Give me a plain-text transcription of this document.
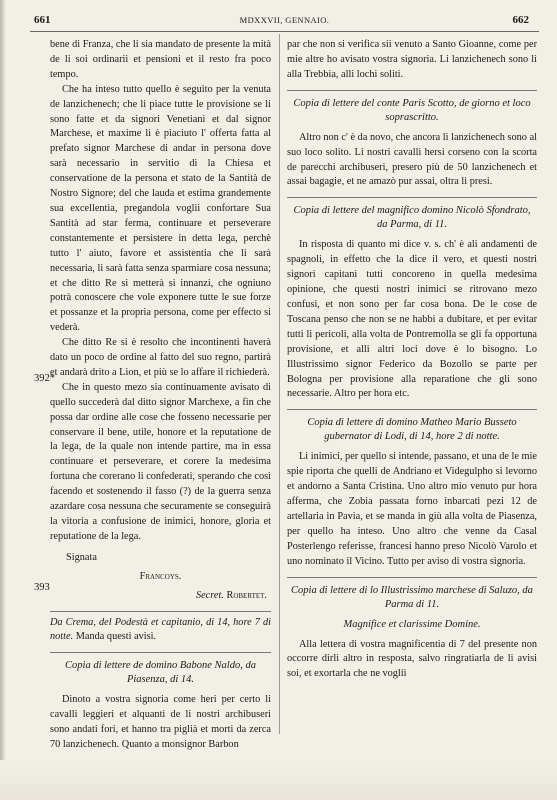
661	MDXXVII, GENNAIO.	662
392*
393

bene di Franza, che li sia mandato de presente la mità de li soi ordinarii et pensioni et il resto fra poco tempo.

Che ha inteso tuttо quello è seguito per la venuta de lanzichenech; che li piace tutte le provisione se li sono fatte et da signori Venetiani et dal signor Marchese, et maxime li è piaciuto l' offerta fatta al prefato signor Marchese di andar in persona dove sarà necessario in servitio di la Chiesa et conservatione de la persona et stato de la Santità de Nostro Signore; del che lauda et estima grandemente sua excellentia, pregandola voglii confortare Sua Santità ad star ferma, continuare et perseverare constantemente et persistere in detta lega, perchè tutto l' aiuto, favore et assistentia che li sarà necessaria, li sarà fatta senza sparmiare cosa nessuna; et che ditto Re si metterà si innanzi, che ogniuno potrà conoscere che vole exponere tutte le sue forze et possanze et la propria persona, come per effecto si vederà.

Che ditto Re si è resolto che incontinenti haverà dato un poco de ordine al fatto del suo regno, partirà et andarà drito a Lion, et più se lo affare il richiederà.

Che in questo mezo sia continuamente avisato di quello succederà dal ditto signor Marchexe, a fin che possa dar ordine alle cose che fosseno necessarie per conservare il bene, utile, honore et la reputatione de la lega, de la quale non intende partire, ma in essa continuare et perseverare, et corere la medesima fortuna che corerano li confederati, sperando che così facendo et sostenendo il fasso (?) de la guerra senza azardare cosa nessuna che securamente se conseguirà la vitoria a confusione de inimici, honore, gloria et reputatione de la lega.

Signata

Francoys.

Secret. Robertet.

Da Crema, del Podestà et capitanio, di 14, hore 7 di notte. Manda questi avisi.

Copia di lettere de domino Babone Naldo, da Piasenza, di 14.

Dinoto a vostra signoria come heri per certo li cavalli leggieri et alquanti de li nostri archibuseri sono andati fori, et hanno tra piglià et morti da zerca 70 lanzichenech. Quanto a monsignor Barbon

par che non si verifica sii venuto a Santo Gioanne, come per mie altre ho avisato vostra signoria. Li lanzichenech sono lì alla Trebbia, alli lochi soliti.

Copia di lettere del conte Paris Scotto, de giorno et loco soprascritto.

Altro non c' è da novo, che ancora li lanzichenech sono al suo loco solito. Li nostri cavalli hersi corseno con la scorta de parecchi archibuseri, presero più de 50 lanzichenech et assai bagagie, et ne amazò pur assai, oltra li presi.

Copia di lettere del magnifico domino Nicolò Sfondrato, da Parma, di 11.

In risposta di quanto mi dice v. s. ch' è ali andamenti de spagnoli, in effetto che la dice il vero, et questi nostri signori capitani tutti concoreno in quella medesima opinione, che questi nostri inimici se ritrovano mezo confusi, et non sono per far cosa bona. De le cose de Toscana penso che non se ne habbi a dubitare, et per evitar tutti li pericoli, alla volta de Pontremolla se gli fa opportuna provisione, et alli altri loci dove è lo bisogno. Lo Illustrissimo signor Federico da Bozollo se parte per Bologna per provisione alla reparatione che gli sono necessarie. Altro per hora etc.

Copia di lettere di domino Matheo Mario Busseto gubernator di Lodi, di 14, hore 2 di notte.

Li inimici, per quello si intende, passano, et una de le mie spie riporta che quelli de Andriano et Videgulpho si levorno et andorno a Santa Cristina. Uno altro mio venuto pur hora afferma, che Zobia passata forno inbarcati pezi 12 de artellaria in Pavia, et se manda in giù alla volta de Piasenza, per quello ha inteso. Uno altro che venne da Casal Posterlengo referisse, francesi hanno preso Nicolò Varolo et uno nominato il Vicino. Tutto per aviso di vostra signoria.

Copia di lettere di lo Illustrissimo marchese di Saluzo, da Parma di 11.
Magnifice et clarissime Domine.

Alla lettera di vostra magnificentia di 7 del presente non occorre dirli altro in resposta, salvo ringratiarla de li avisi soi, et exortarla che ne voglii
